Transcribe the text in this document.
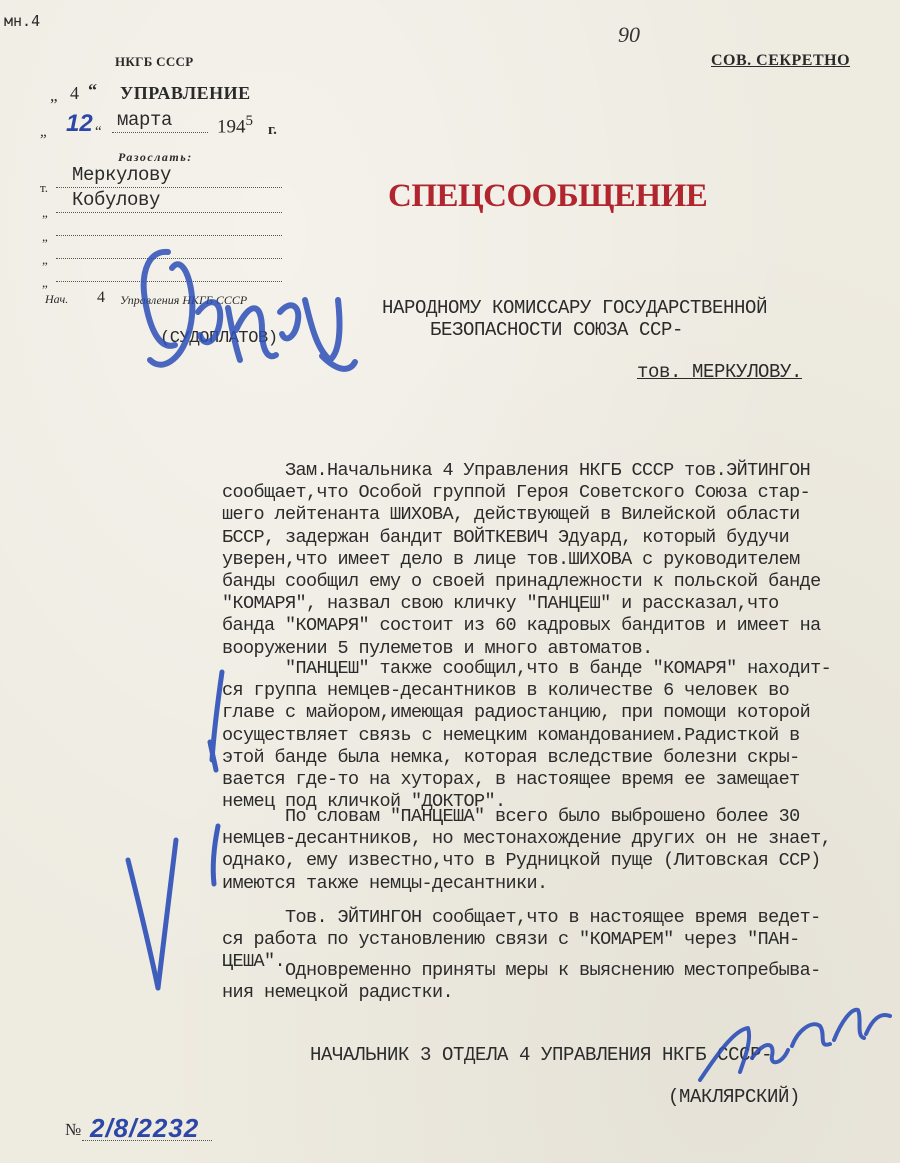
мн.4
90
СОВ. СЕКРЕТНО
НКГБ СССР
„ 4 “ УПРАВЛЕНИЕ
„ 12 “
марта $194^5$
г.
Разослать:
т.
Меркулову
„
Кобулову
„
„
„
Нач. 4 Управления НКГБ СССР
(СУДОПЛАТОВ)
СПЕЦСООБЩЕНИЕ
НАРОДНОМУ КОМИССАРУ ГОСУДАРСТВЕННОЙ
БЕЗОПАСНОСТИ СОЮЗА ССР-
тов. МЕРКУЛОВУ.
Зам.Начальника 4 Управления НКГБ СССР тов.ЭЙТИНГОН
сообщает,что Особой группой Героя Советского Союза стар-
шего лейтенанта ШИХОВА, действующей в Вилейской области
БССР, задержан бандит ВОЙТКЕВИЧ Эдуард, который будучи
уверен,что имеет дело в лице тов.ШИХОВА с руководителем
банды сообщил ему о своей принадлежности к польской банде
"КОМАРЯ", назвал свою кличку "ПАНЦЕШ" и рассказал,что
банда "КОМАРЯ" состоит из 60 кадровых бандитов и имеет на
вооружении 5 пулеметов и много автоматов.
"ПАНЦЕШ" также сообщил,что в банде "КОМАРЯ" находит-
ся группа немцев-десантников в количестве 6 человек во
главе с майором,имеющая радиостанцию, при помощи которой
осуществляет связь с немецким командованием.Радисткой в
этой банде была немка, которая вследствие болезни скры-
вается где-то на хуторах, в настоящее время ее замещает
немец под кличкой "ДОКТОР".
По словам "ПАНЦЕША" всего было выброшено более 30
немцев-десантников, но местонахождение других он не знает,
однако, ему известно,что в Рудницкой пуще (Литовская ССР)
имеются также немцы-десантники.
Тов. ЭЙТИНГОН сообщает,что в настоящее время ведет-
ся работа по установлению связи с "КОМАРЕМ" через "ПАН-
ЦЕША". Одновременно приняты меры к выяснению местопребыва-
ния немецкой радистки.
НАЧАЛЬНИК 3 ОТДЕЛА 4 УПРАВЛЕНИЯ НКГБ СССР-
(МАКЛЯРСКИЙ)
№ 2/8/2232
